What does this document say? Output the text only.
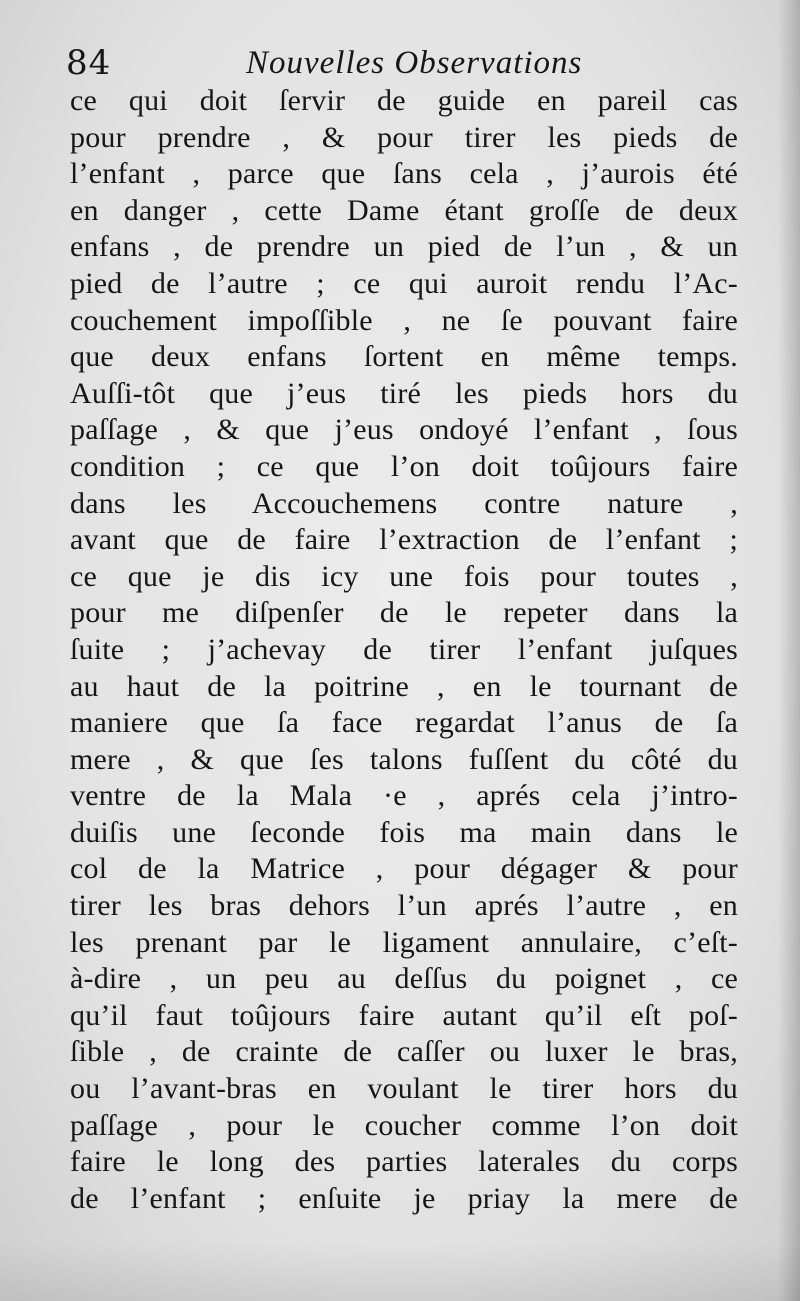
84	Nouvelles Observations
ce qui doit ſervir de guide en pareil cas
pour prendre , & pour tirer les pieds de
l’enfant , parce que ſans cela , j’aurois été
en danger , cette Dame étant groſſe de deux
enfans , de prendre un pied de l’un , & un
pied de l’autre ; ce qui auroit rendu l’Ac-
couchement impoſſible , ne ſe pouvant faire
que deux enfans ſortent en même temps.
Auſſi-tôt que j’eus tiré les pieds hors du
paſſage , & que j’eus ondoyé l’enfant , ſous
condition ; ce que l’on doit toûjours faire
dans les Accouchemens contre nature ,
avant que de faire l’extraction de l’enfant ;
ce que je dis icy une fois pour toutes ,
pour me diſpenſer de le repeter dans la
ſuite ; j’achevay de tirer l’enfant juſques
au haut de la poitrine , en le tournant de
maniere que ſa face regardat l’anus de ſa
mere , & que ſes talons fuſſent du côté du
ventre de la Mala ·e , aprés cela j’intro-
duiſis une ſeconde fois ma main dans le
col de la Matrice , pour dégager & pour
tirer les bras dehors l’un aprés l’autre , en
les prenant par le ligament annulaire, c’eſt-
à-dire , un peu au deſſus du poignet , ce
qu’il faut toûjours faire autant qu’il eſt poſ-
ſible , de crainte de caſſer ou luxer le bras,
ou l’avant-bras en voulant le tirer hors du
paſſage , pour le coucher comme l’on doit
faire le long des parties laterales du corps
de l’enfant ; enſuite je priay la mere de
